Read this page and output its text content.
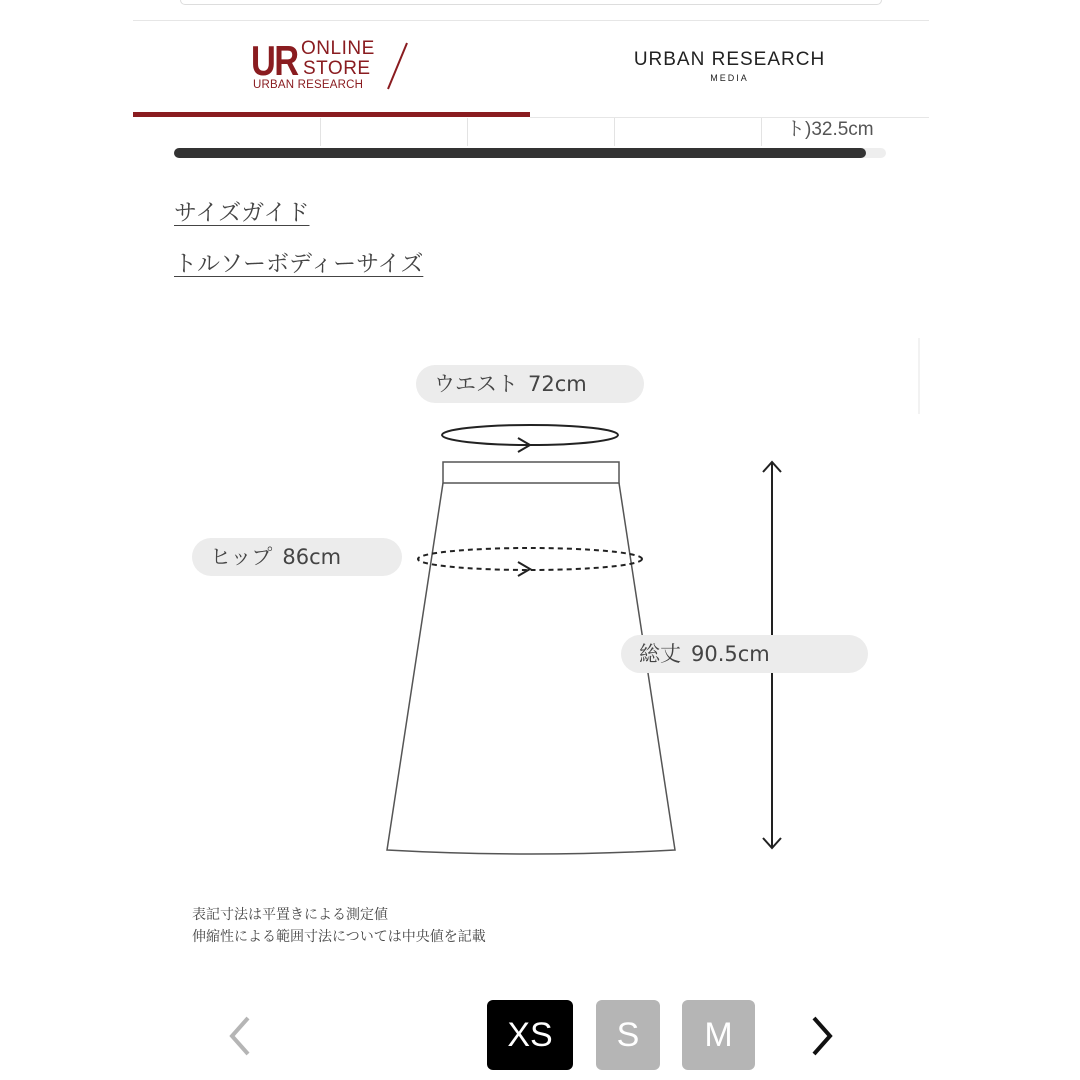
UR ONLINE
STORE
URBAN RESEARCH
URBAN RESEARCH
MEDIA
ト)32.5cm
サイズガイド
トルソーボディーサイズ
ウエスト 72cm
ヒップ 86cm
総丈 90.5cm
表記寸法は平置きによる測定値
伸縮性による範囲寸法については中央値を記載
XS	S	M
